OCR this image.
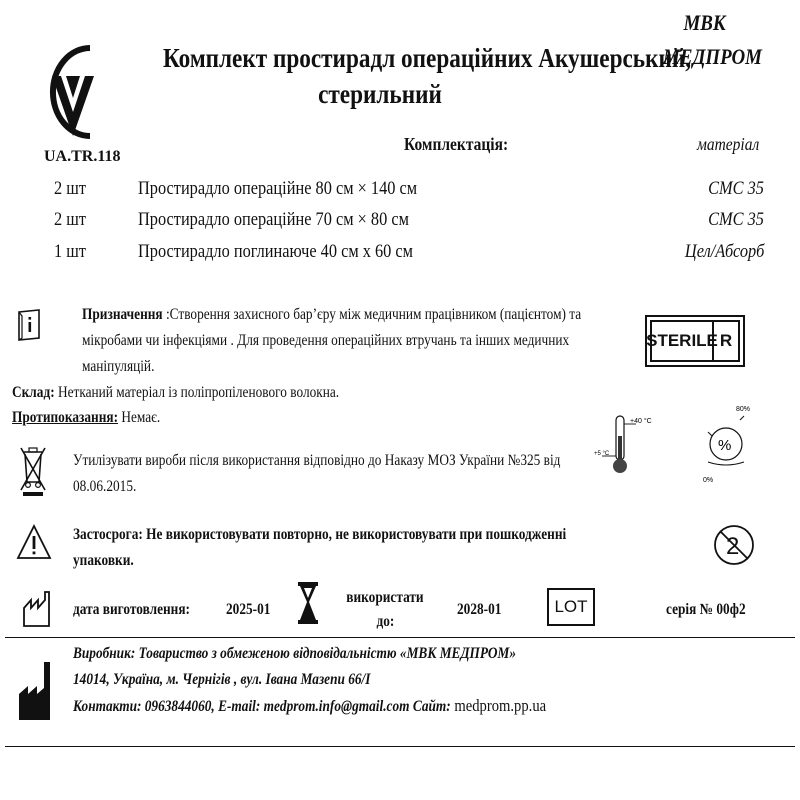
UA.TR.118
Комплект простирадл операційних Акушерський,
стерильний
МВК
МЕДПРОМ
Комплектація:	матеріал
2 шт	Простирадло операційне 80 см × 140 см	СМС 35
2 шт	Простирадло операційне 70 см × 80 см	СМС 35
1 шт	Простирадло поглинаюче 40 см х 60 см	Цел/Абсорб
Призначення :Створення захисного бар’єру між медичним працівником (пацієнтом) та
мікробами чи інфекціями . Для проведення операційних втручань та інших медичних
маніпуляцій.
STERILE R
Склад: Нетканий матеріал із поліпропіленового волокна.
Протипоказання: Немає.
Утилізувати вироби після використання відповідно до Наказу МОЗ України №325 від
08.06.2015.
+40 °C
+5 °C
80%
%
0%
Застосрога: Не використовувати повторно, не використовувати при пошкодженні
упаковки.
2
дата виготовлення:	2025-01
використати
до:
2028-01	LOT	серія № 00ф2
Виробник: Товариство з обмеженою відповідальністю «МВК МЕДПРОМ»
14014, Україна, м. Чернігів , вул. Івана Мазепи 66/І
Контакти: 0963844060, E-mail: medprom.info@gmail.com Сайт: medprom.pp.ua
